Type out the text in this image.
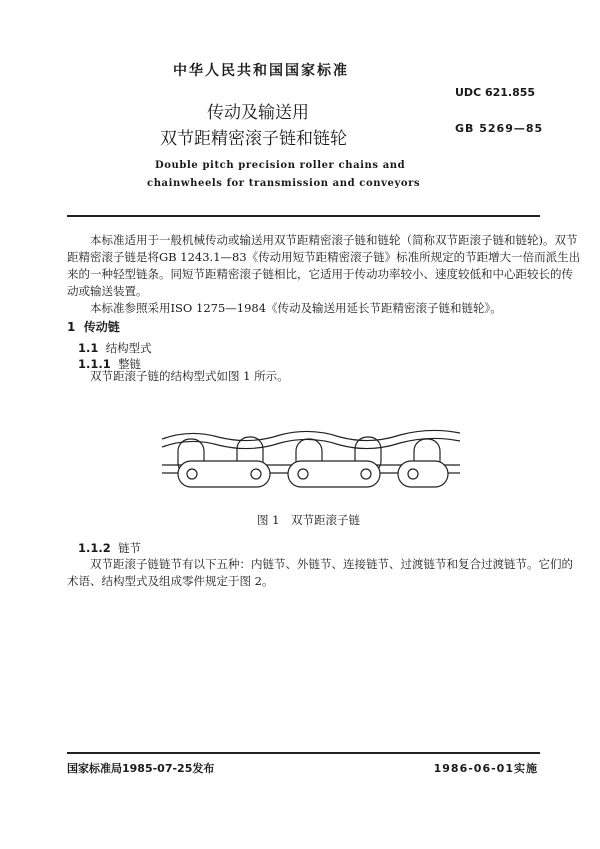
中华人民共和国国家标准
UDC 621.855
传动及输送用
GB 5269—85
双节距精密滚子链和链轮
Double pitch precision roller chains and
chainwheels for transmission and conveyors
本标准适用于一般机械传动或输送用双节距精密滚子链和链轮（简称双节距滚子链和链轮)。双节
距精密滚子链是将GB 1243.1—83《传动用短节距精密滚子链》标准所规定的节距增大一倍而派生出
来的一种轻型链条。同短节距精密滚子链相比，它适用于传动功率较小、速度较低和中心距较长的传
动或输送装置。
本标准参照采用ISO 1275—1984《传动及输送用延长节距精密滚子链和链轮》。
1 传动链
1.1 结构型式
1.1.1 整链
双节距滚子链的结构型式如图 1 所示。
图 1　双节距滚子链
1.1.2 链节
双节距滚子链链节有以下五种：内链节、外链节、连接链节、过渡链节和复合过渡链节。它们的
术语、结构型式及组成零件规定于图 2。
国家标准局1985-07-25发布	1986-06-01实施
